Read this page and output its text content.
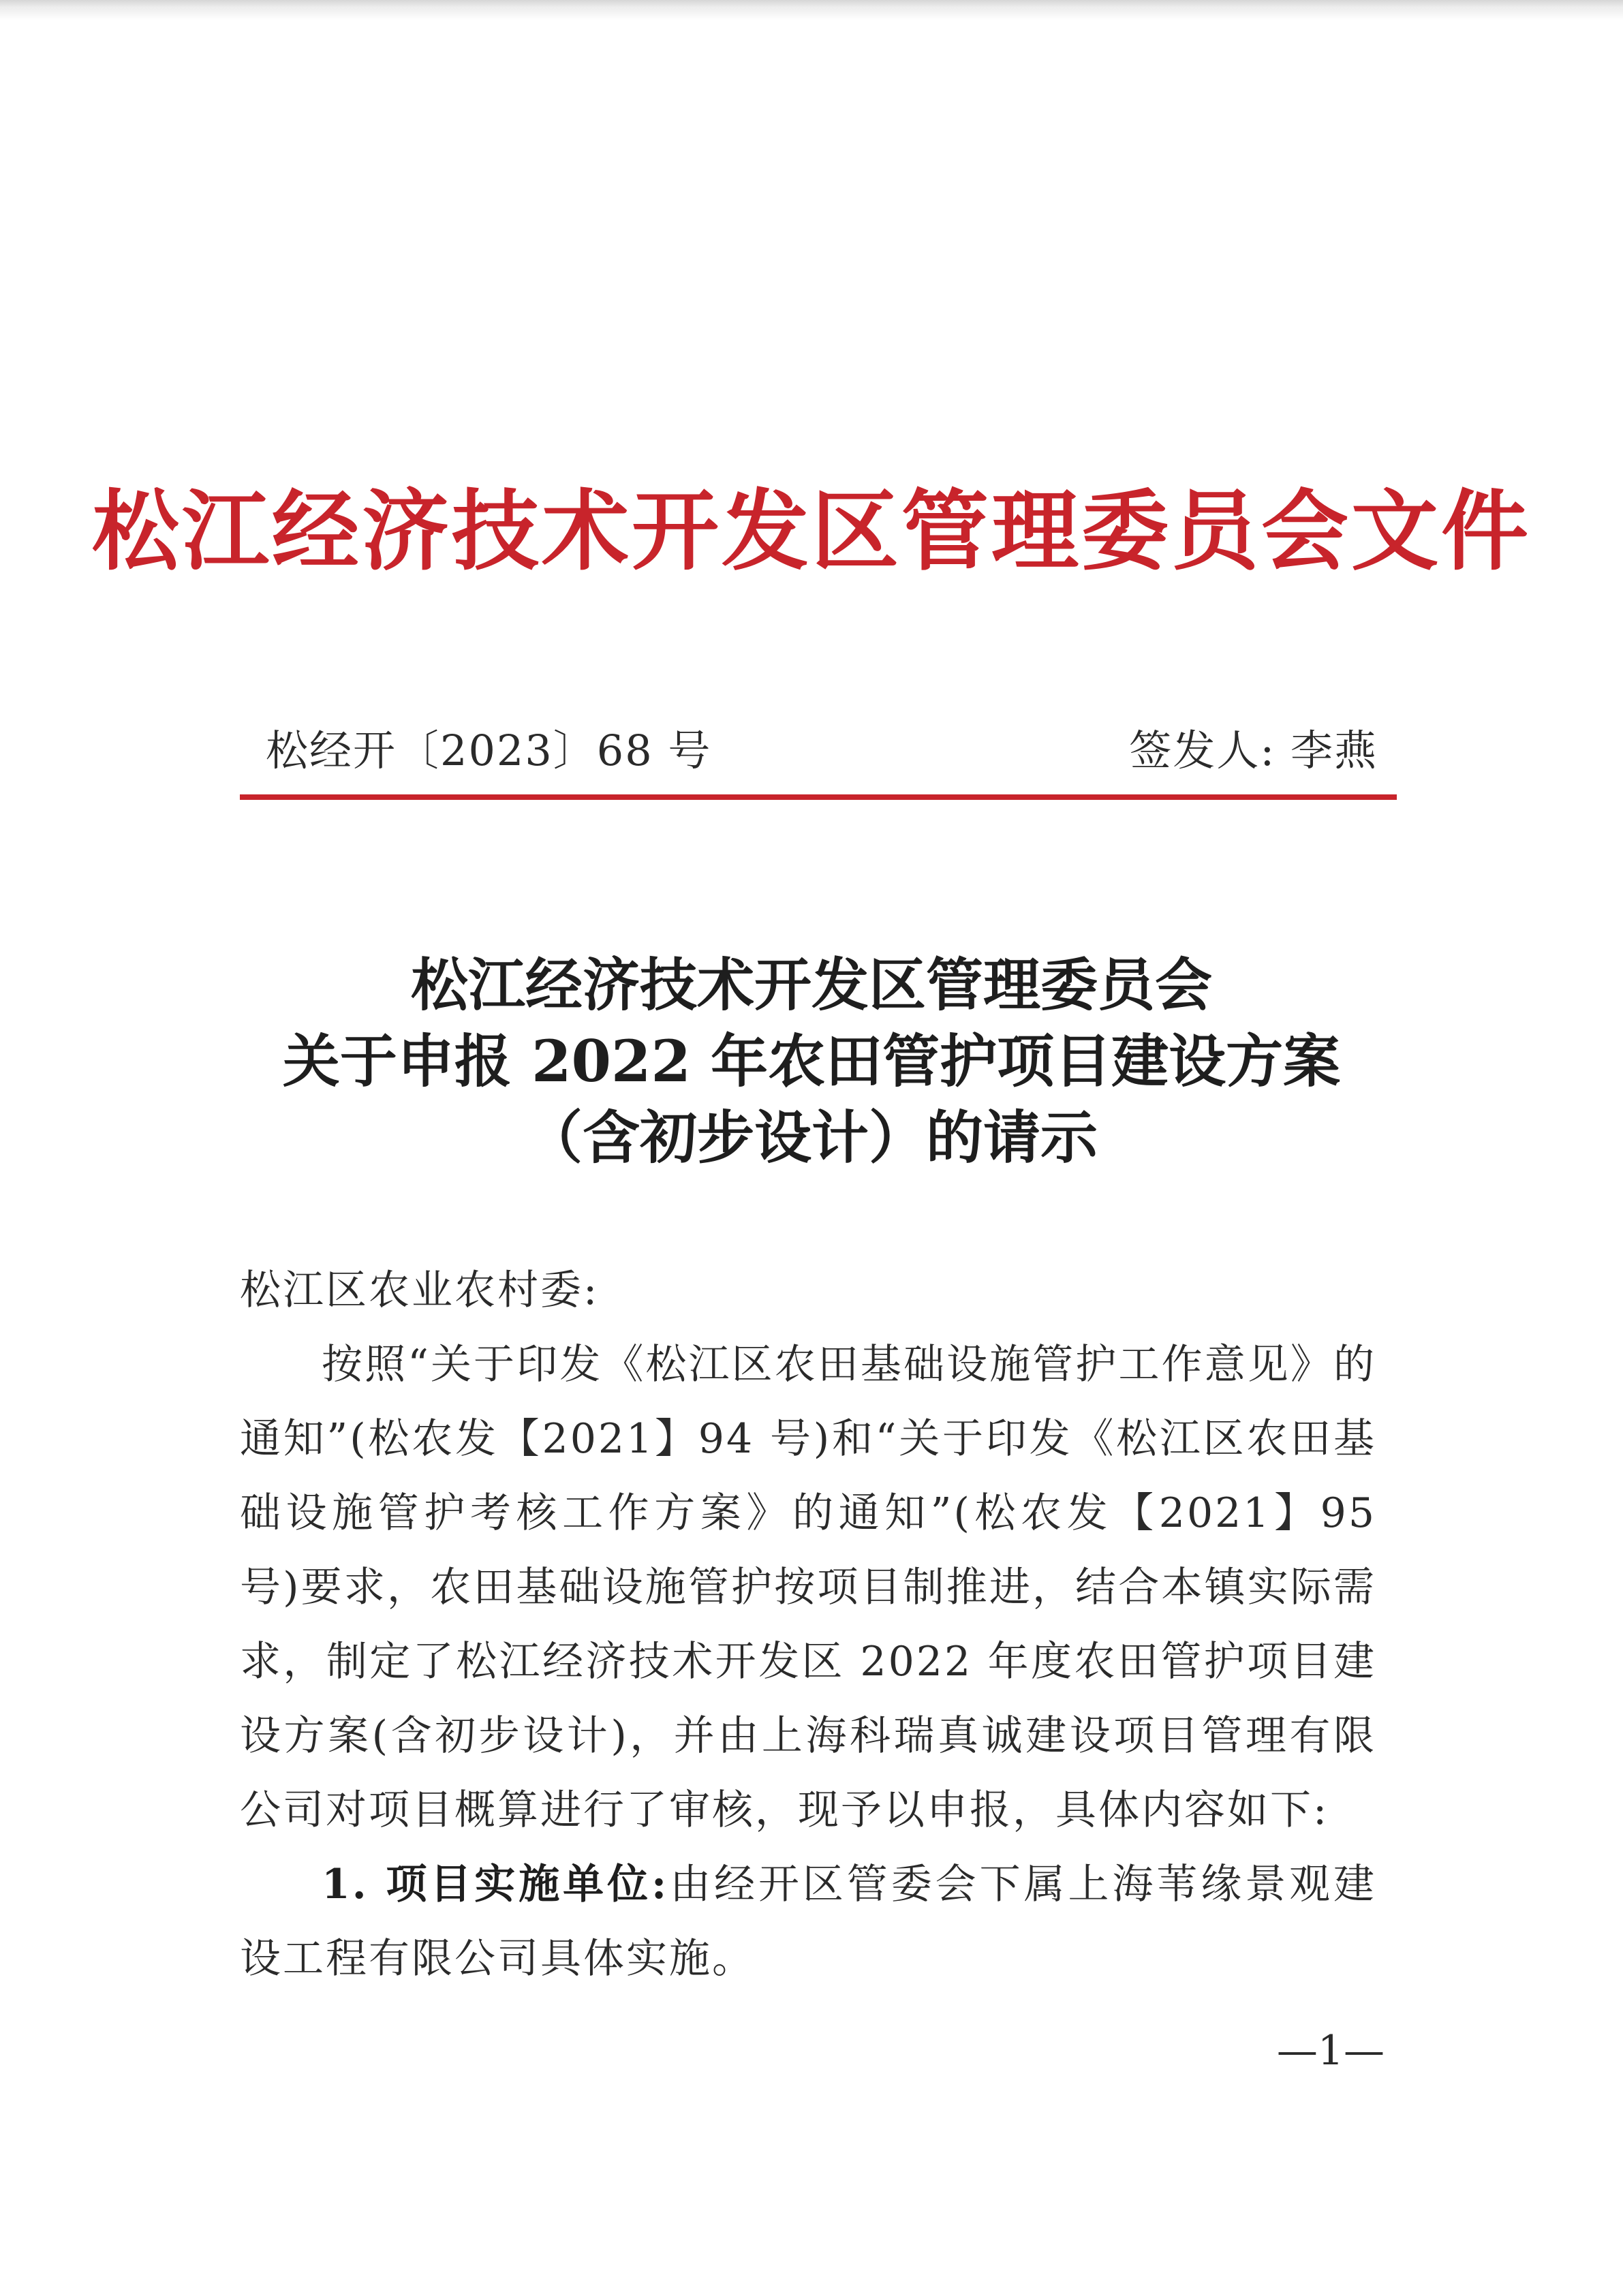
松江经济技术开发区管理委员会文件
松经开〔2023〕68 号	签发人: 李燕
松江经济技术开发区管理委员会
关于申报 2022 年农田管护项目建设方案
（含初步设计）的请示

松江区农业农村委:

按照“关于印发《松江区农田基础设施管护工作意见》的通知”(松农发【2021】94 号)和“关于印发《松江区农田基础设施管护考核工作方案》的通知”(松农发【2021】95 号)要求，农田基础设施管护按项目制推进，结合本镇实际需求，制定了松江经济技术开发区 2022 年度农田管护项目建设方案(含初步设计)，并由上海科瑞真诚建设项目管理有限公司对项目概算进行了审核，现予以申报，具体内容如下:

1. 项目实施单位:由经开区管委会下属上海苇缘景观建设工程有限公司具体实施。

—1—
